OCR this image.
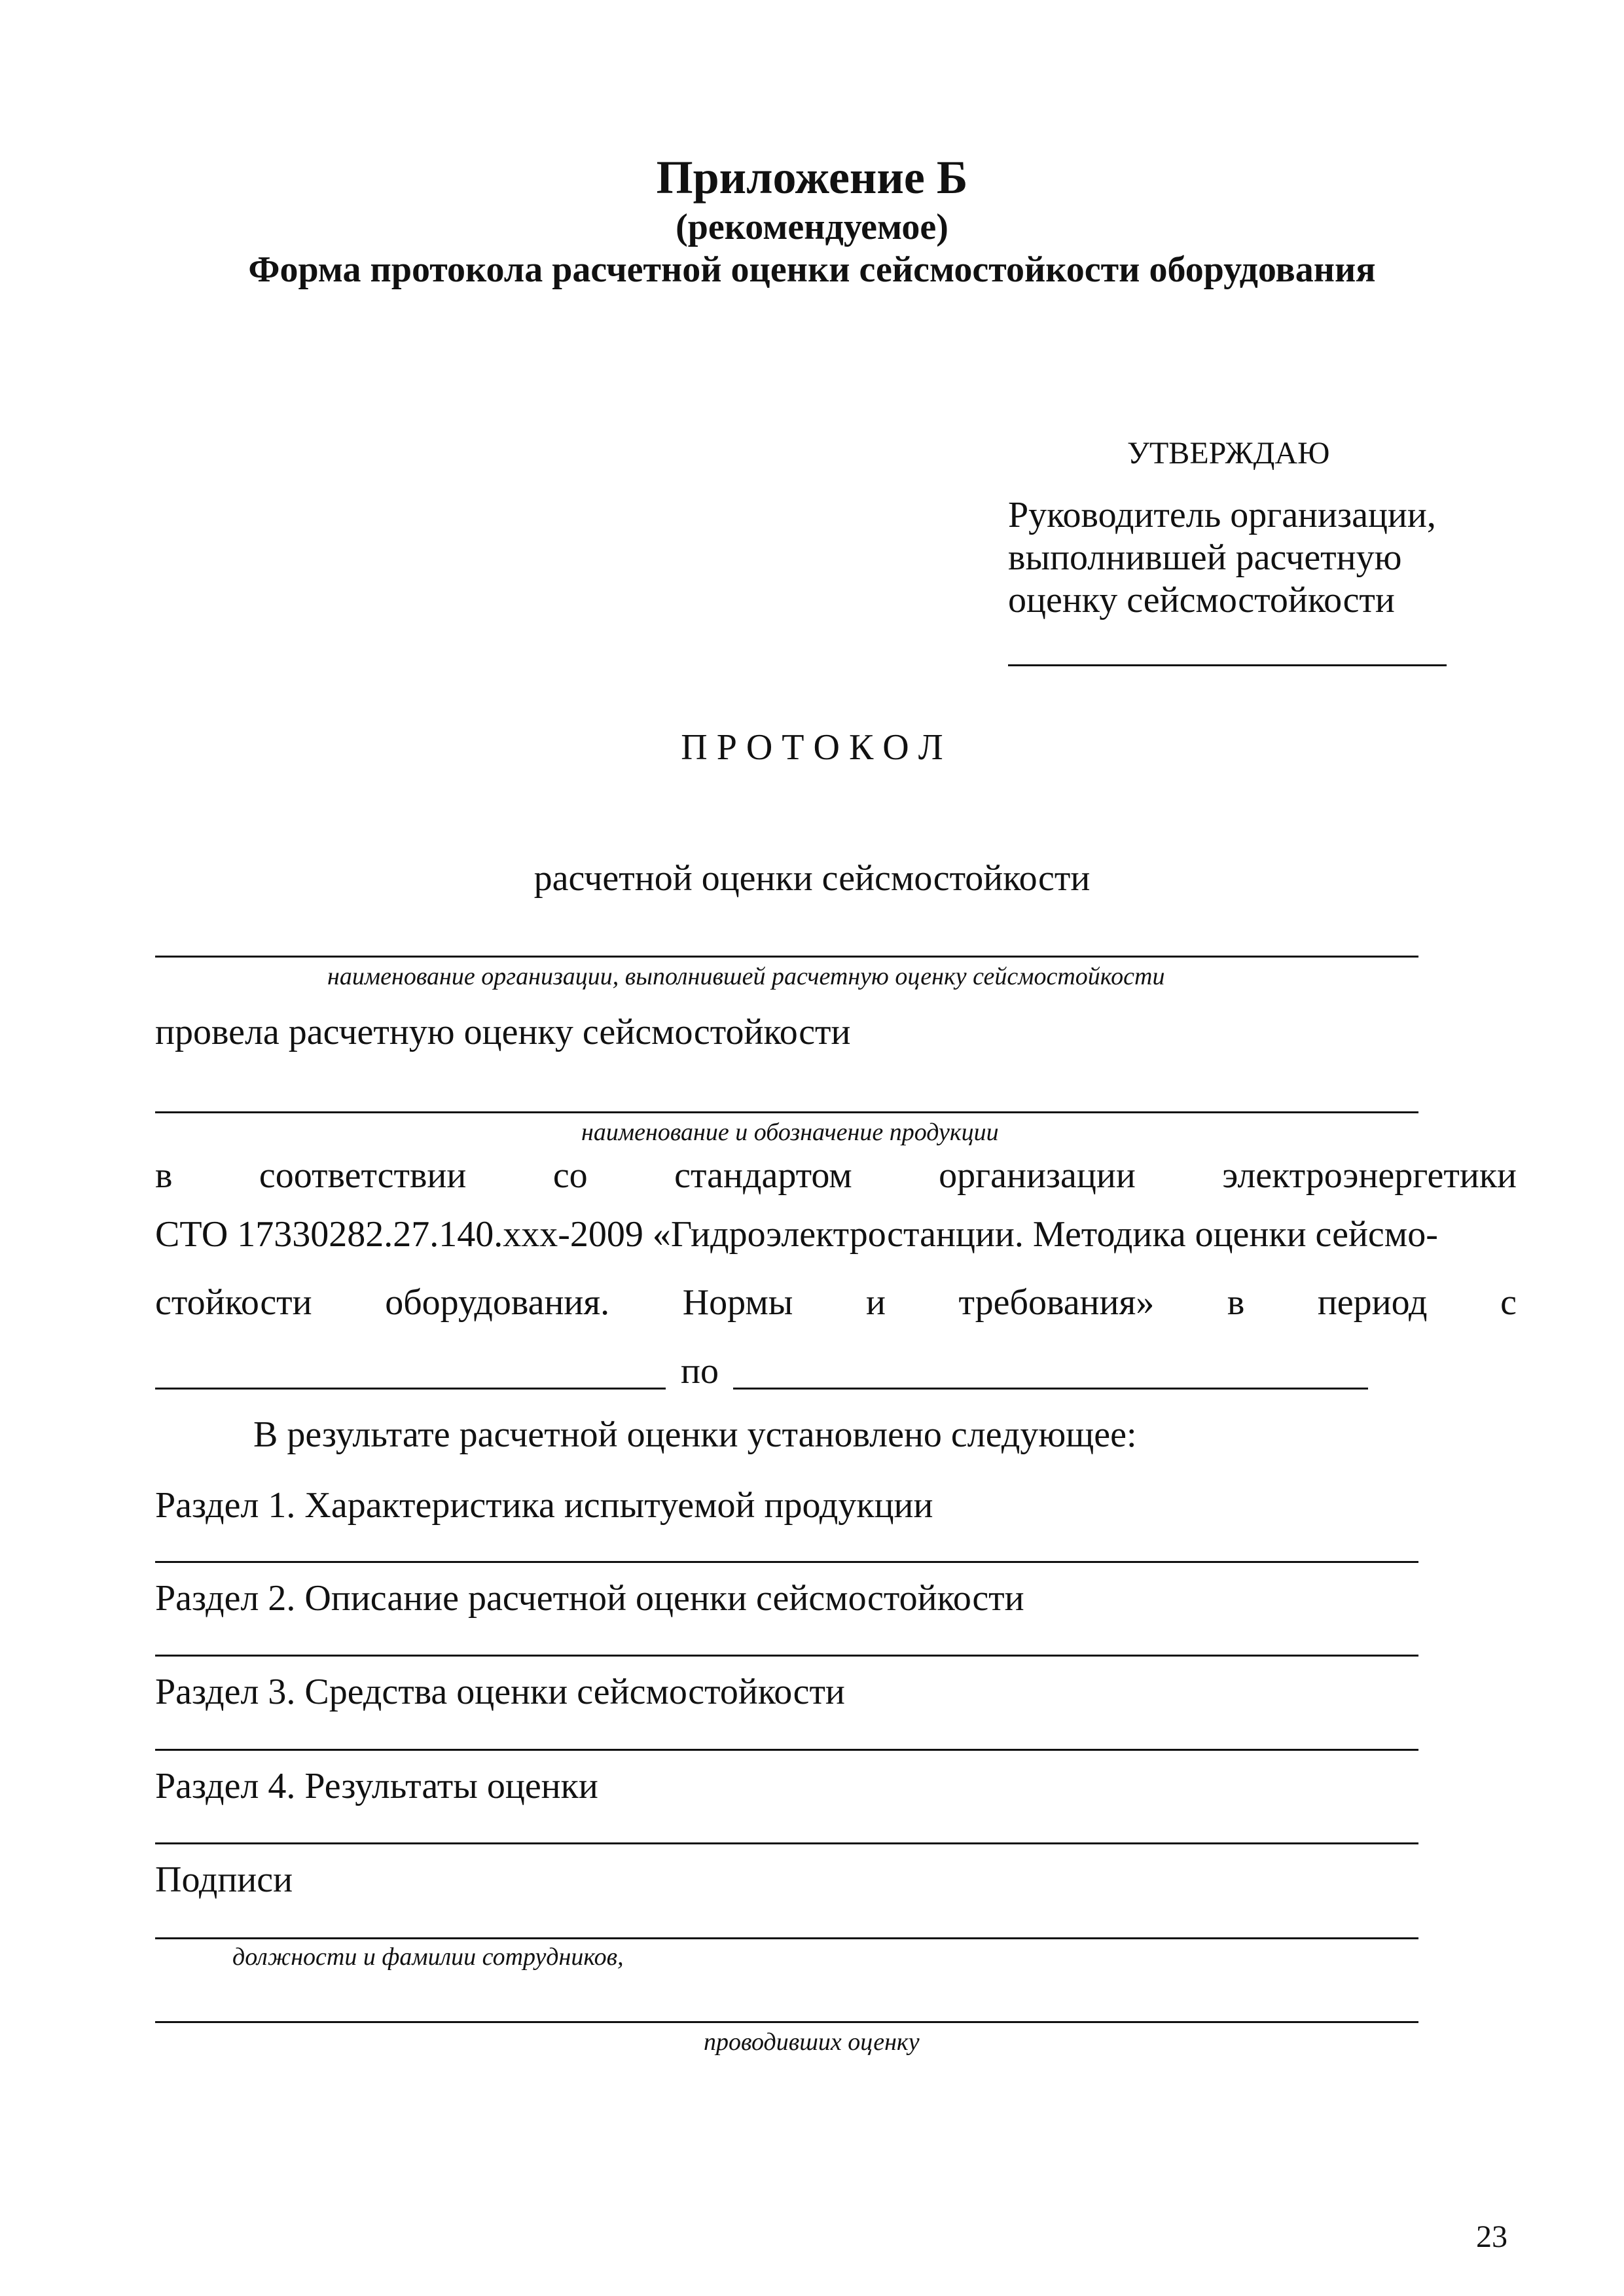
Приложение Б
(рекомендуемое)
Форма протокола расчетной оценки сейсмостойкости оборудования
УТВЕРЖДАЮ
Руководитель организации,
выполнившей расчетную
оценку сейсмостойкости
П Р О Т О К О Л
расчетной оценки сейсмостойкости
наименование организации, выполнившей расчетную оценку сейсмостойкости
провела расчетную оценку сейсмостойкости
наименование и обозначение продукции
в соответствии со стандартом организации электроэнергетики
СТО 17330282.27.140.xxx-2009 «Гидроэлектростанции. Методика оценки сейсмо-
стойкости оборудования. Нормы и требования» в период с
по
В результате расчетной оценки установлено следующее:
Раздел 1. Характеристика испытуемой продукции
Раздел 2. Описание расчетной оценки сейсмостойкости
Раздел 3. Средства оценки сейсмостойкости
Раздел 4. Результаты оценки
Подписи
должности и фамилии сотрудников,
проводивших оценку
23
